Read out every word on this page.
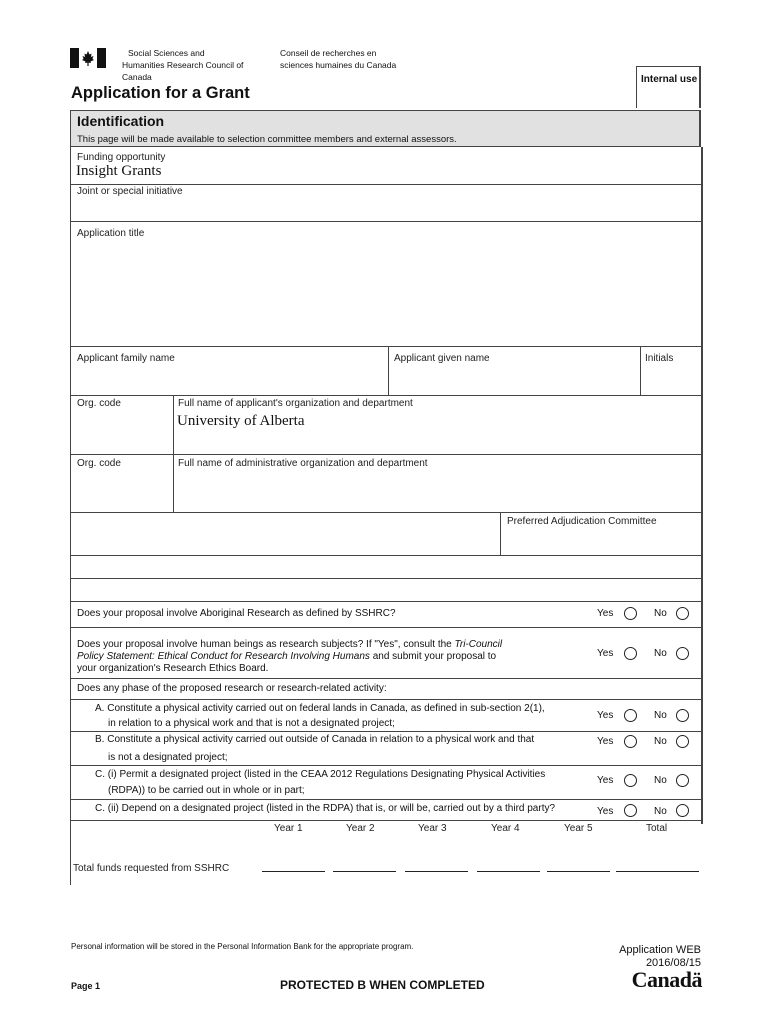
Social Sciences and
Humanities Research Council of
Canada
Conseil de recherches en
sciences humaines du Canada
Internal use
Application for a Grant
Identification
This page will be made available to selection committee members and external assessors.
Funding opportunity
Insight Grants
Joint or special initiative
Application title
Applicant family name	Applicant given name	Initials
Org. code	Full name of applicant's organization and department
University of Alberta
Org. code	Full name of administrative organization and department
Preferred Adjudication Committee
Does your proposal involve Aboriginal Research as defined by SSHRC?	Yes	No
Does your proposal involve human beings as research subjects? If "Yes", consult the Tri-Council
Policy Statement: Ethical Conduct for Research Involving Humans and submit your proposal to
your organization's Research Ethics Board.
Yes	No
Does any phase of the proposed research or research-related activity:
A. Constitute a physical activity carried out on federal lands in Canada, as defined in sub-section 2(1),
in relation to a physical work and that is not a designated project;
Yes	No
B. Constitute a physical activity carried out outside of Canada in relation to a physical work and that
is not a designated project;
Yes	No
C. (i) Permit a designated project (listed in the CEAA 2012 Regulations Designating Physical Activities
(RDPA)) to be carried out in whole or in part;
Yes	No
C. (ii) Depend on a designated project (listed in the RDPA) that is, or will be, carried out by a third party?	Yes	No
Year 1	Year 2	Year 3	Year 4	Year 5	Total
Total funds requested from SSHRC
Personal information will be stored in the Personal Information Bank for the appropriate program.	Application WEB
2016/08/15
Page 1	PROTECTED B WHEN COMPLETED	Canadä
